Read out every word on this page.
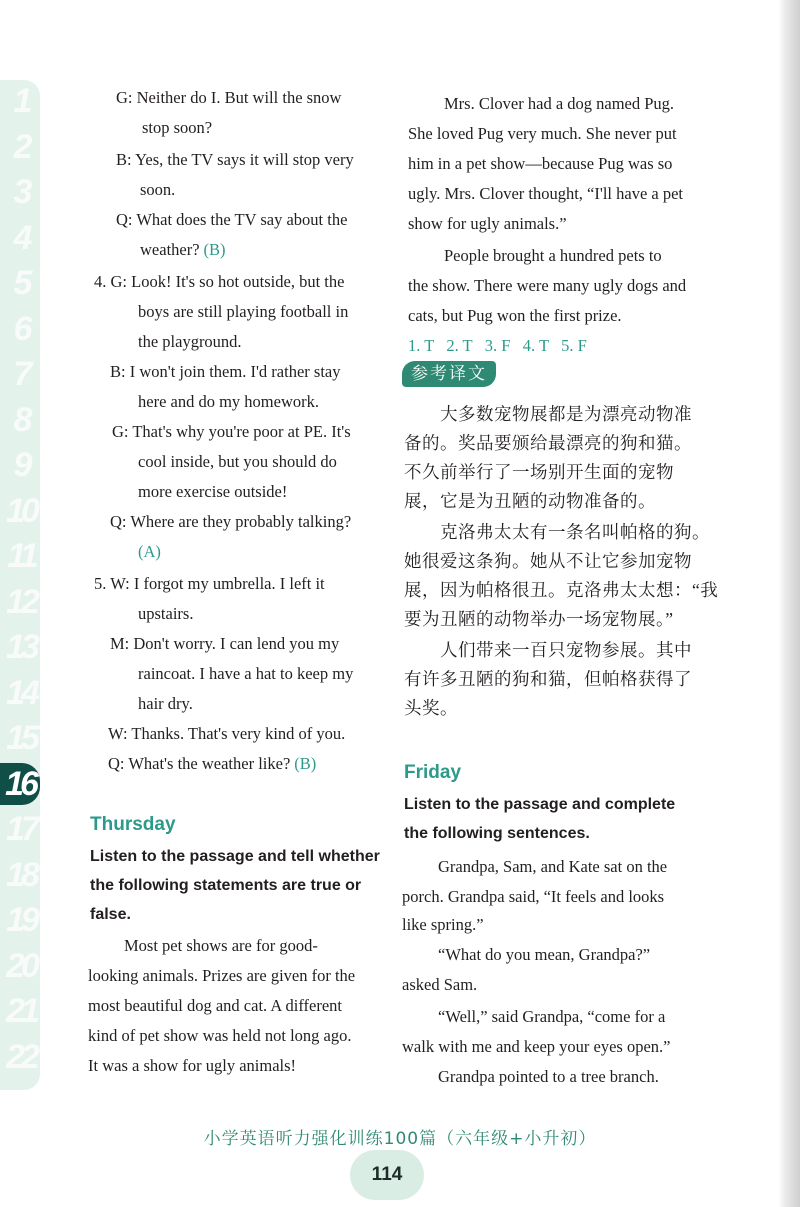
1
2
3
4
5
6
7
8
9
10
11
12
13
14
15
16
17
18
19
20
21
22
G: Neither do I. But will the snow
stop soon?
B: Yes, the TV says it will stop very
soon.
Q: What does the TV say about the
weather? (B)
4. G: Look! It's so hot outside, but the
boys are still playing football in
the playground.
B: I won't join them. I'd rather stay
here and do my homework.
G: That's why you're poor at PE. It's
cool inside, but you should do
more exercise outside!
Q: Where are they probably talking?
(A)
5. W: I forgot my umbrella. I left it
upstairs.
M: Don't worry. I can lend you my
raincoat. I have a hat to keep my
hair dry.
W: Thanks. That's very kind of you.
Q: What's the weather like? (B)
Thursday
Listen to the passage and tell whether
the following statements are true or
false.
Most pet shows are for good-
looking animals. Prizes are given for the
most beautiful dog and cat. A different
kind of pet show was held not long ago.
It was a show for ugly animals!
Mrs. Clover had a dog named Pug.
She loved Pug very much. She never put
him in a pet show—because Pug was so
ugly. Mrs. Clover thought, “I'll have a pet
show for ugly animals.”
People brought a hundred pets to
the show. There were many ugly dogs and
cats, but Pug won the first prize.
1. T   2. T   3. F   4. T   5. F
参考译文
大多数宠物展都是为漂亮动物准
备的。奖品要颁给最漂亮的狗和猫。
不久前举行了一场别开生面的宠物
展，它是为丑陋的动物准备的。
克洛弗太太有一条名叫帕格的狗。
她很爱这条狗。她从不让它参加宠物
展，因为帕格很丑。克洛弗太太想：“我
要为丑陋的动物举办一场宠物展。”
人们带来一百只宠物参展。其中
有许多丑陋的狗和猫，但帕格获得了
头奖。
Friday
Listen to the passage and complete
the following sentences.
Grandpa, Sam, and Kate sat on the
porch. Grandpa said, “It feels and looks
like spring.”
“What do you mean, Grandpa?”
asked Sam.
“Well,” said Grandpa, “come for a
walk with me and keep your eyes open.”
Grandpa pointed to a tree branch.
小学英语听力强化训练100篇（六年级+小升初）
114
